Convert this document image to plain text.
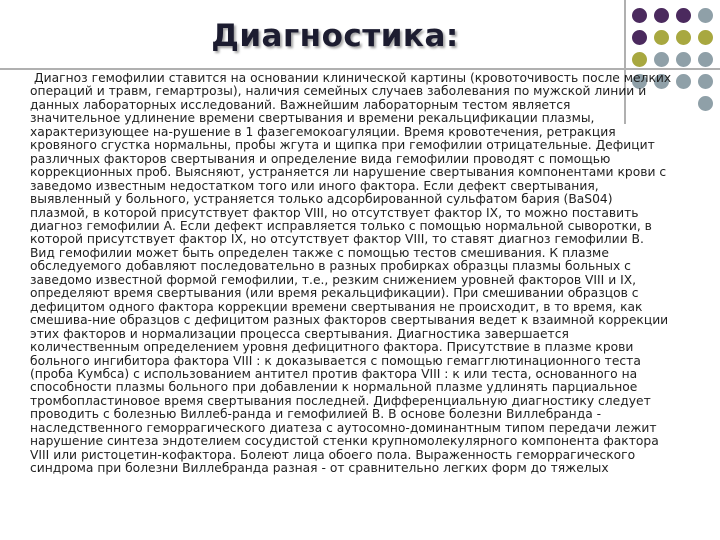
Диагностика:
Диагноз гемофилии ставится на основании клинической картины (кровоточивость после мелких
операций и травм, гемартрозы), наличия семейных случаев заболевания по мужской линии и
данных лабораторных исследований. Важнейшим лабораторным тестом является
значительное удлинение времени свертывания и времени рекальцификации плазмы,
характеризующее на-рушение в 1 фазегемокоагуляции. Время кровотечения, ретракция
кровяного сгустка нормальны, пробы жгута и щипка при гемофилии отрицательные. Дефицит
различных факторов свертывания и определение вида гемофилии проводят с помощью
коррекционных проб. Выясняют, устраняется ли нарушение свертывания компонентами крови с
заведомо известным недостатком того или иного фактора. Если дефект свертывания,
выявленный у больного, устраняется только адсорбированной сульфатом бария (BaS04)
плазмой, в которой присутствует фактор VIII, но отсутствует фактор IX, то можно поставить
диагноз гемофилии А. Если дефект исправляется только с помощью нормальной сыворотки, в
которой присутствует фактор IX, но отсутствует фактор VIII, то ставят диагноз гемофилии В.
Вид гемофилии может быть определен также с помощью тестов смешивания. К плазме
обследуемого добавляют последовательно в разных пробирках образцы плазмы больных с
заведомо известной формой гемофилии, т.е., резким снижением уровней факторов VIII и IX,
определяют время свертывания (или время рекальцификации). При смешивании образцов с
дефицитом одного фактора коррекции времени свертывания не происходит, в то время, как
смешива-ние образцов с дефицитом разных факторов свертывания ведет к взаимной коррекции
этих факторов и нормализации процесса свертывания. Диагностика завершается
количественным определением уровня дефицитного фактора. Присутствие в плазме крови
больного ингибитора фактора VIII : к доказывается с помощью гемагглютинационного теста
(проба Кумбса) с использованием антител против фактора VIII : к или теста, основанного на
способности плазмы больного при добавлении к нормальной плазме удлинять парциальное
тромбопластиновое время свертывания последней. Дифференциальную диагностику следует
проводить с болезнью Виллеб-ранда и гемофилией В. В основе болезни Виллебранда -
наследственного геморрагического диатеза с аутосомно-доминантным типом передачи лежит
нарушение синтеза эндотелием сосудистой стенки крупномолекулярного компонента фактора
VIII или ристоцетин-кофактора. Болеют лица обоего пола. Выраженность геморрагического
синдрома при болезни Виллебранда разная - от сравнительно легких форм до тяжелых
